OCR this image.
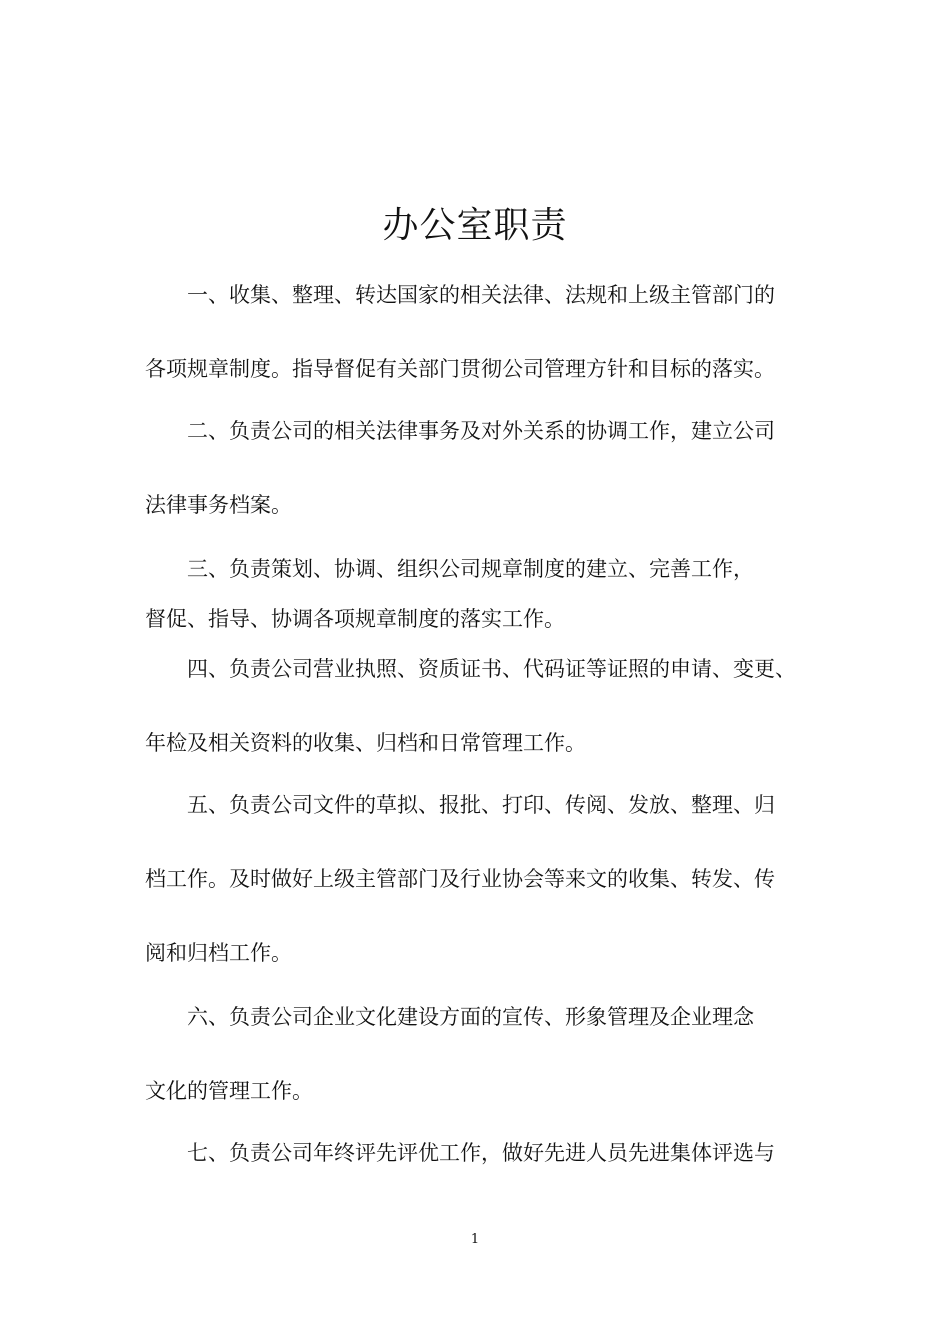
办公室职责
一、收集、整理、转达国家的相关法律、法规和上级主管部门的
各项规章制度。指导督促有关部门贯彻公司管理方针和目标的落实。
二、负责公司的相关法律事务及对外关系的协调工作，建立公司
法律事务档案。
三、负责策划、协调、组织公司规章制度的建立、完善工作，
督促、指导、协调各项规章制度的落实工作。
四、负责公司营业执照、资质证书、代码证等证照的申请、变更、
年检及相关资料的收集、归档和日常管理工作。
五、负责公司文件的草拟、报批、打印、传阅、发放、整理、归
档工作。及时做好上级主管部门及行业协会等来文的收集、转发、传
阅和归档工作。
六、负责公司企业文化建设方面的宣传、形象管理及企业理念
文化的管理工作。
七、负责公司年终评先评优工作，做好先进人员先进集体评选与
1
